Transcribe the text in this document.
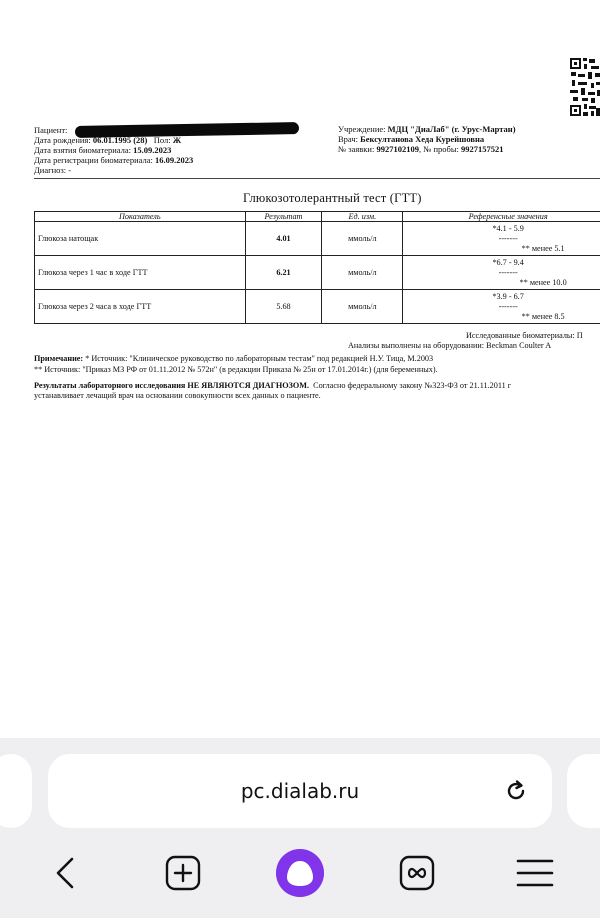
Пациент:
Дата рождения: 06.01.1995 (28) Пол: Ж
Дата взятия биоматериала: 15.09.2023
Дата регистрации биоматериала: 16.09.2023
Диагноз: -
Учреждение: МДЦ "ДиаЛаб" (г. Урус-Мартан)
Врач: Бексултанова Хеда Курейшовна
№ заявки: 9927102109, № пробы: 9927157521
Глюкозотолерантный тест (ГТТ)
Показатель	Результат	Ед. изм.	Референсные значения
Глюкоза натощак	4.01	ммоль/л	*4.1 - 5.9
-------
** менее 5.1

Глюкоза через 1 час в ходе ГТТ	6.21	ммоль/л	*6.7 - 9.4
-------
** менее 10.0

Глюкоза через 2 часа в ходе ГТТ	5.68	ммоль/л	*3.9 - 6.7
-------
** менее 8.5
Исследованные биоматериалы: П
Анализы выполнены на оборудовании: Beckman Coulter A
Примечание: * Источник: "Клиническое руководство по лабораторным тестам" под редакцией Н.У. Тица, М.2003
** Источник: "Приказ МЗ РФ от 01.11.2012 № 572н" (в редакции Приказа № 25н от 17.01.2014г.) (для беременных).
Результаты лабораторного исследования НЕ ЯВЛЯЮТСЯ ДИАГНОЗОМ. Согласно федеральному закону №323-ФЗ от 21.11.2011 г
устанавливает лечащий врач на основании совокупности всех данных о пациенте.
pc.dialab.ru
